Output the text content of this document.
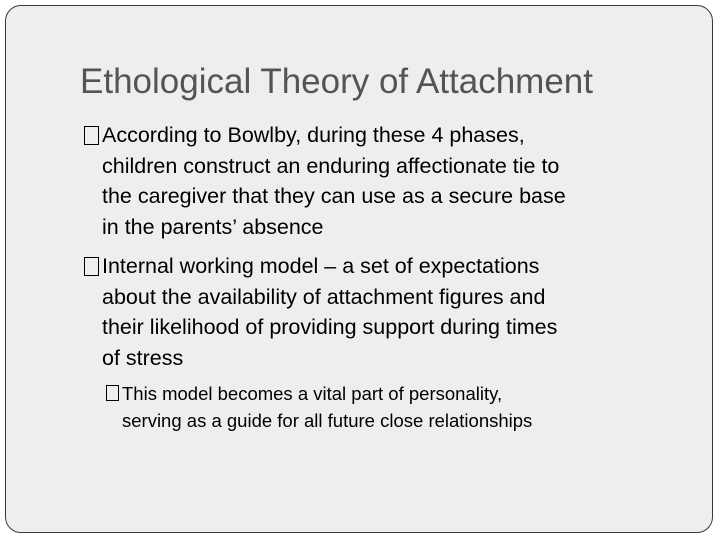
Ethological Theory of Attachment
According to Bowlby, during these 4 phases,
children construct an enduring affectionate tie to
the caregiver that they can use as a secure base
in the parents’ absence
Internal working model – a set of expectations
about the availability of attachment figures and
their likelihood of providing support during times
of stress
This model becomes a vital part of personality,
serving as a guide for all future close relationships
